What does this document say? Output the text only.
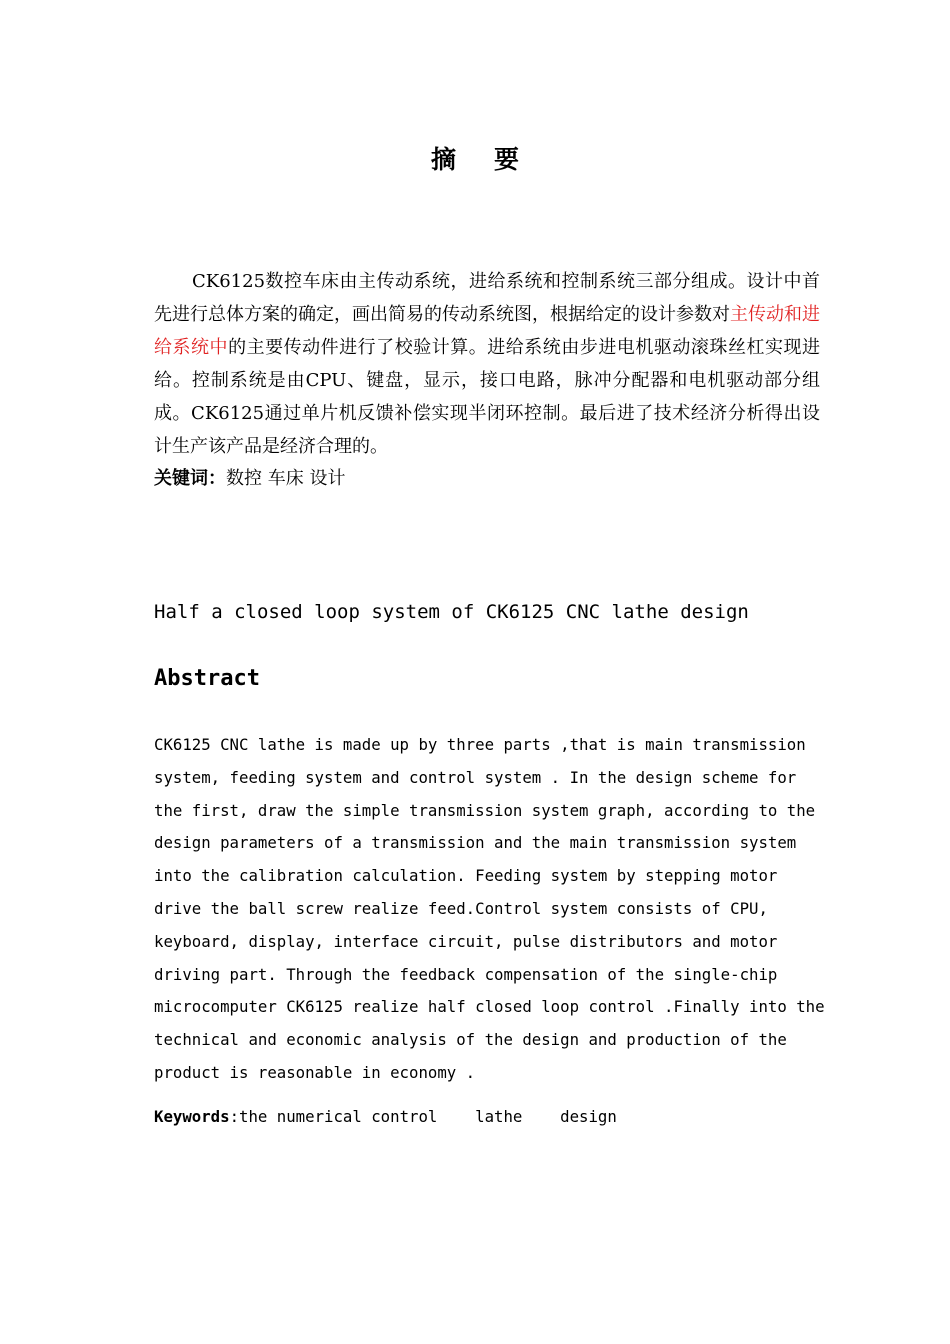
摘要
CK6125数控车床由主传动系统，进给系统和控制系统三部分组成。设计中首先进行总体方案的确定，画出简易的传动系统图，根据给定的设计参数对主传动和进给系统中的主要传动件进行了校验计算。进给系统由步进电机驱动滚珠丝杠实现进给。控制系统是由CPU、键盘，显示，接口电路，脉冲分配器和电机驱动部分组成。CK6125通过单片机反馈补偿实现半闭环控制。最后进了技术经济分析得出设计生产该产品是经济合理的。
关键词：数控 车床 设计
Half a closed loop system of CK6125 CNC lathe design
Abstract
CK6125 CNC lathe is made up by three parts ,that is main transmission system, feeding system and control system . In the design scheme for the first, draw the simple transmission system graph, according to the design parameters of a transmission and the main transmission system into the calibration calculation. Feeding system by stepping motor drive the ball screw realize feed.Control system consists of CPU, keyboard, display, interface circuit, pulse distributors and motor driving part. Through the feedback compensation of the single-chip microcomputer CK6125 realize half closed loop control .Finally into the technical and economic analysis of the design and production of the product is reasonable in economy .
Keywords:the numerical control    lathe    design
